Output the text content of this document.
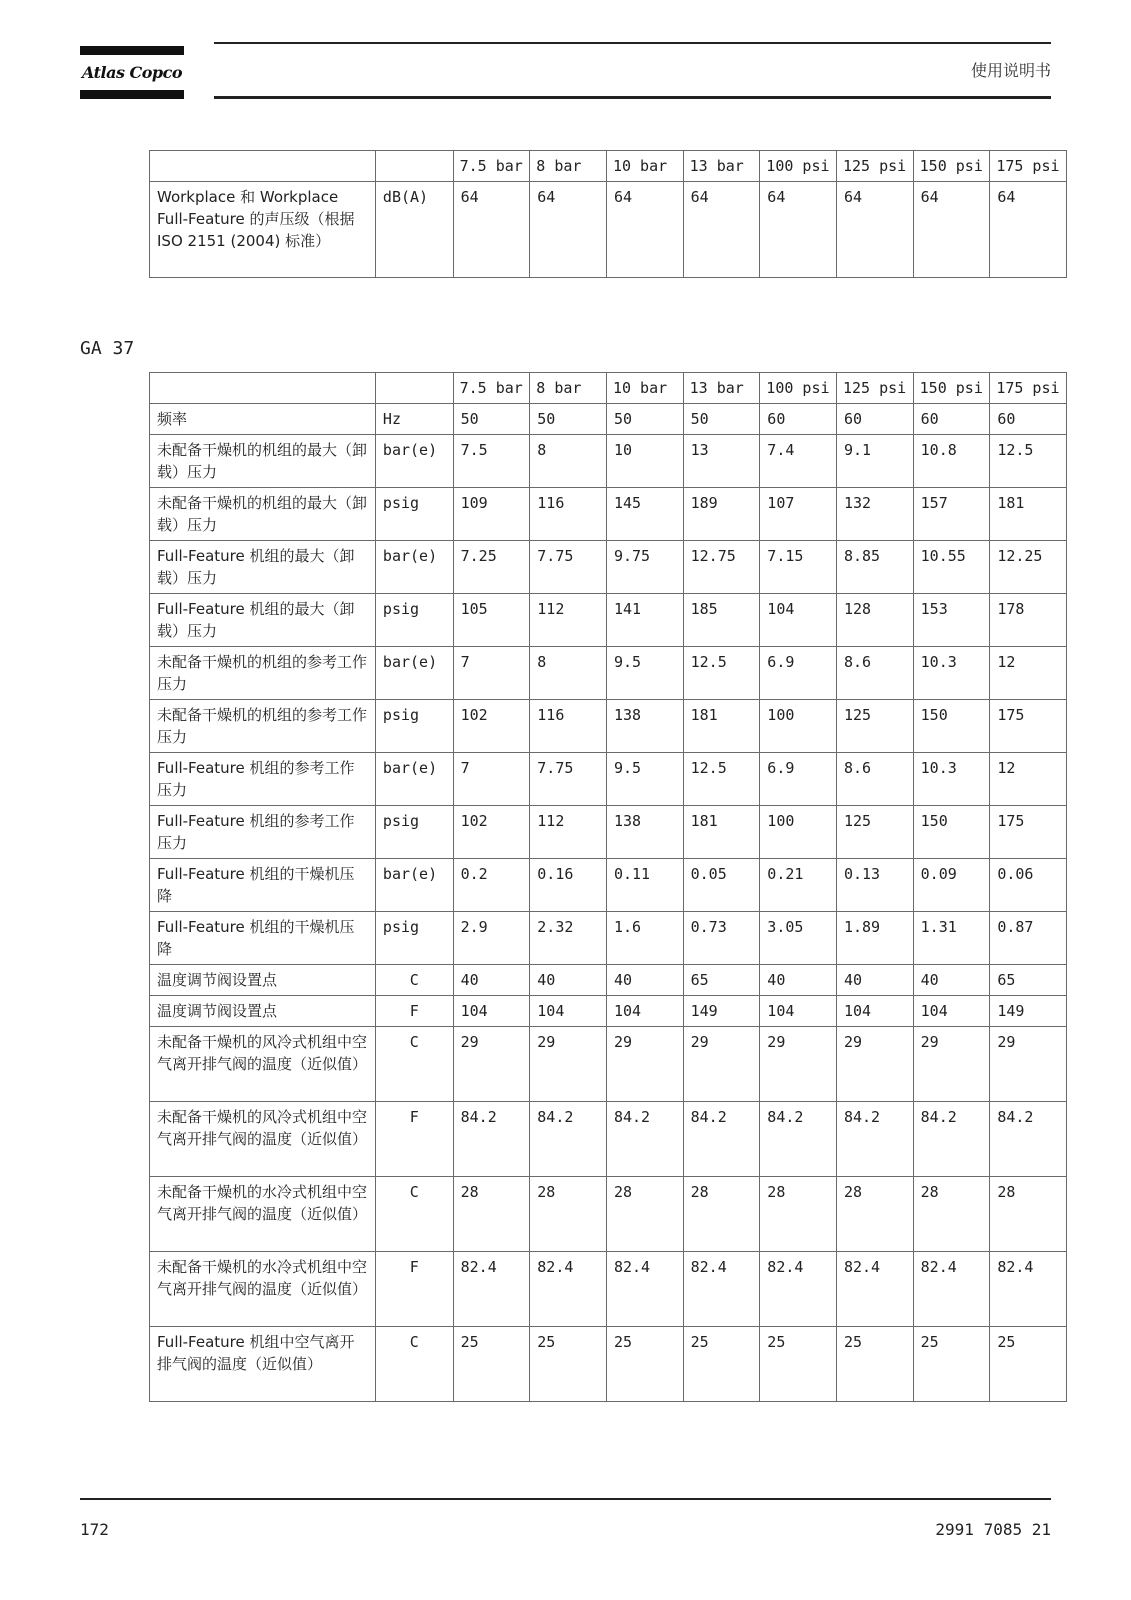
Atlas Copco	使用说明书
		7.5 bar	8 bar	10 bar	13 bar	100 psi	125 psi	150 psi	175 psi
Workplace 和 Workplace Full-Feature 的声压级（根据 ISO 2151 (2004) 标准）	dB(A)	64	64	64	64	64	64	64	64
GA 37
		7.5 bar	8 bar	10 bar	13 bar	100 psi	125 psi	150 psi	175 psi
频率	Hz	50	50	50	50	60	60	60	60
未配备干燥机的机组的最大（卸载）压力	bar(e)	7.5	8	10	13	7.4	9.1	10.8	12.5
未配备干燥机的机组的最大（卸载）压力	psig	109	116	145	189	107	132	157	181
Full-Feature 机组的最大（卸载）压力	bar(e)	7.25	7.75	9.75	12.75	7.15	8.85	10.55	12.25
Full-Feature 机组的最大（卸载）压力	psig	105	112	141	185	104	128	153	178
未配备干燥机的机组的参考工作压力	bar(e)	7	8	9.5	12.5	6.9	8.6	10.3	12
未配备干燥机的机组的参考工作压力	psig	102	116	138	181	100	125	150	175
Full-Feature 机组的参考工作压力	bar(e)	7	7.75	9.5	12.5	6.9	8.6	10.3	12
Full-Feature 机组的参考工作压力	psig	102	112	138	181	100	125	150	175
Full-Feature 机组的干燥机压降	bar(e)	0.2	0.16	0.11	0.05	0.21	0.13	0.09	0.06
Full-Feature 机组的干燥机压降	psig	2.9	2.32	1.6	0.73	3.05	1.89	1.31	0.87
温度调节阀设置点	C	40	40	40	65	40	40	40	65
温度调节阀设置点	F	104	104	104	149	104	104	104	149
未配备干燥机的风冷式机组中空气离开排气阀的温度（近似值）	C	29	29	29	29	29	29	29	29
未配备干燥机的风冷式机组中空气离开排气阀的温度（近似值）	F	84.2	84.2	84.2	84.2	84.2	84.2	84.2	84.2
未配备干燥机的水冷式机组中空气离开排气阀的温度（近似值）	C	28	28	28	28	28	28	28	28
未配备干燥机的水冷式机组中空气离开排气阀的温度（近似值）	F	82.4	82.4	82.4	82.4	82.4	82.4	82.4	82.4
Full-Feature 机组中空气离开排气阀的温度（近似值）	C	25	25	25	25	25	25	25	25
172	2991 7085 21
